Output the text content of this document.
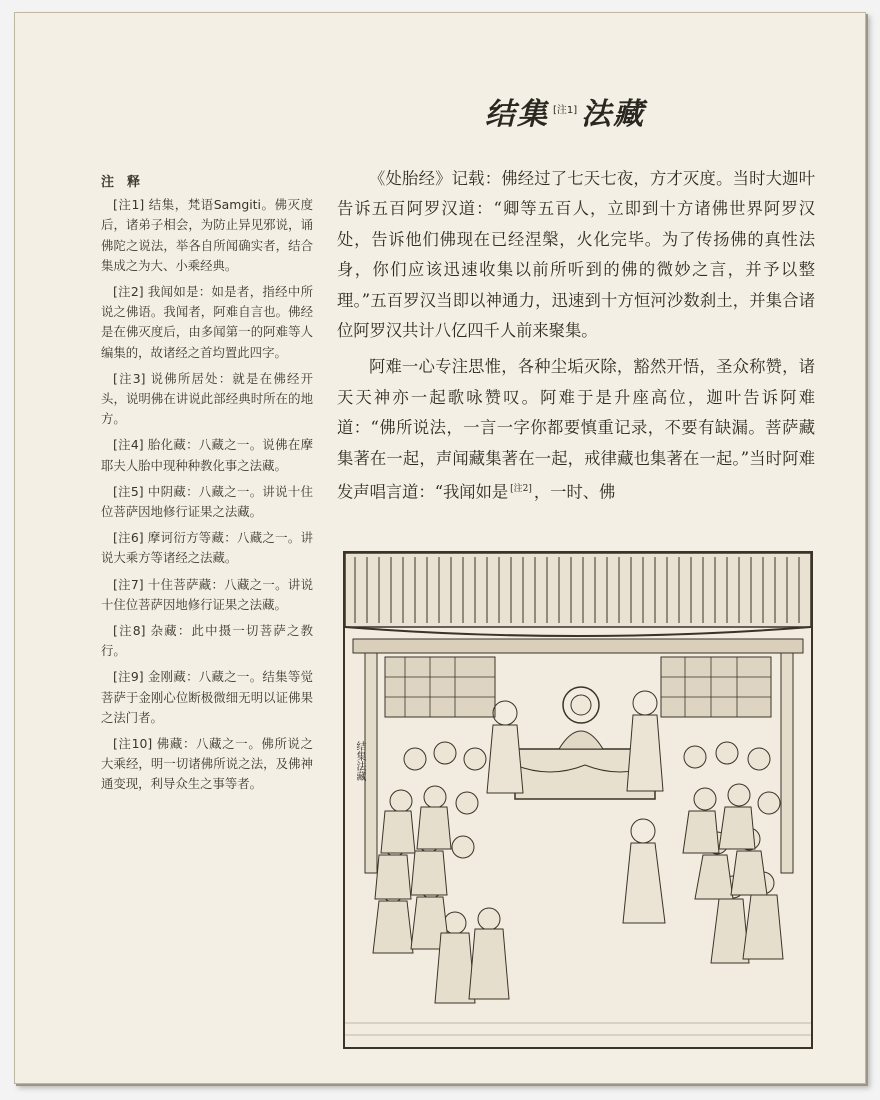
结集 [注1] 法藏
注　释

[注1] 结集，梵语Samgiti。佛灭度后，诸弟子相会，为防止异见邪说，诵佛陀之说法，举各自所闻确实者，结合集成之为大、小乘经典。

[注2] 我闻如是：如是者，指经中所说之佛语。我闻者，阿难自言也。佛经是在佛灭度后，由多闻第一的阿难等人编集的，故诸经之首均置此四字。

[注3] 说佛所居处：就是在佛经开头，说明佛在讲说此部经典时所在的地方。

[注4] 胎化藏：八藏之一。说佛在摩耶夫人胎中现种种教化事之法藏。

[注5] 中阴藏：八藏之一。讲说十住位菩萨因地修行证果之法藏。

[注6] 摩诃衍方等藏：八藏之一。讲说大乘方等诸经之法藏。

[注7] 十住菩萨藏：八藏之一。讲说十住位菩萨因地修行证果之法藏。

[注8] 杂藏：此中摄一切菩萨之教行。

[注9] 金刚藏：八藏之一。结集等觉菩萨于金刚心位断极微细无明以证佛果之法门者。

[注10] 佛藏：八藏之一。佛所说之大乘经，明一切诸佛所说之法，及佛神通变现，利导众生之事等者。

《处胎经》记载：佛经过了七天七夜，方才灭度。当时大迦叶告诉五百阿罗汉道：“卿等五百人，立即到十方诸佛世界阿罗汉处，告诉他们佛现在已经涅槃，火化完毕。为了传扬佛的真性法身，你们应该迅速收集以前所听到的佛的微妙之言，并予以整理。”五百罗汉当即以神通力，迅速到十方恒河沙数刹土，并集合诸位阿罗汉共计八亿四千人前来聚集。

阿难一心专注思惟，各种尘垢灭除，豁然开悟，圣众称赞，诸天天神亦一起歌咏赞叹。阿难于是升座高位，迦叶告诉阿难道：“佛所说法，一言一字你都要慎重记录，不要有缺漏。菩萨藏集著在一起，声闻藏集著在一起，戒律藏也集著在一起。”当时阿难发声唱言道：“我闻如是 [注2] ，一时、佛

结集法藏
